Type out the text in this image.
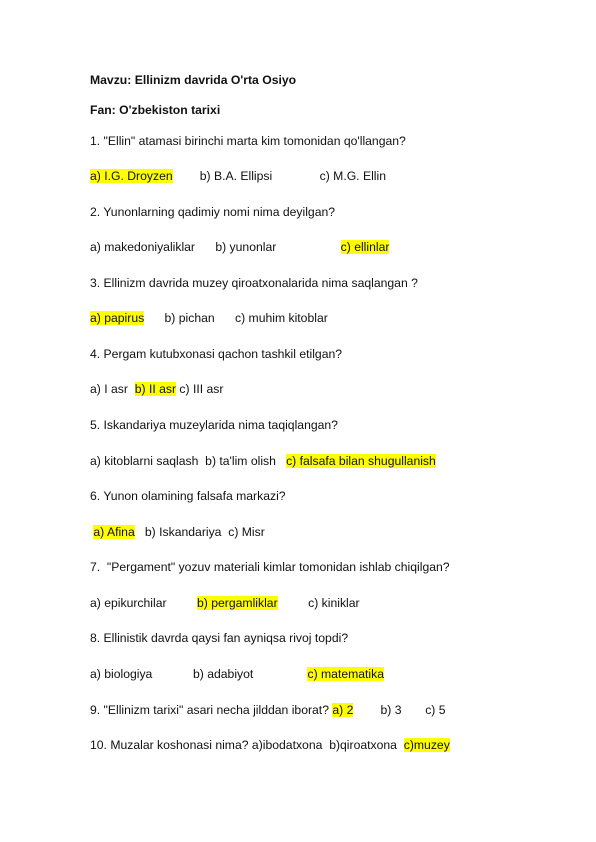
Mavzu: Ellinizm davrida O'rta Osiyo
Fan: O'zbekiston tarixi
1. "Ellin" atamasi birinchi marta kim tomonidan qo'llangan?
a) I.G. Droyzen b) B.A. Ellipsi	c) M.G. Ellin
2. Yunonlarning qadimiy nomi nima deyilgan?
a) makedoniyaliklar b) yunonlar	c) ellinlar
3. Ellinizm davrida muzey qiroatxonalarida nima saqlangan ?
a) papirus b) pichan c) muhim kitoblar
4. Pergam kutubxonasi qachon tashkil etilgan?
a) I asr b) II asr c) III asr
5. Iskandariya muzeylarida nima taqiqlangan?
a) kitoblarni saqlash b) ta'lim olish c) falsafa bilan shugullanish
6. Yunon olamining falsafa markazi?
a) Afina b) Iskandariya c) Misr
7.  "Pergament" yozuv materiali kimlar tomonidan ishlab chiqilgan?
a) epikurchilar b) pergamliklar c) kiniklar
8. Ellinistik davrda qaysi fan ayniqsa rivoj topdi?
a) biologiya	b) adabiyot	c) matematika
9. "Ellinizm tarixi" asari necha jilddan iborat? a) 2 b) 3 c) 5
10. Muzalar koshonasi nima? a)ibodatxona b)qiroatxona c)muzey
